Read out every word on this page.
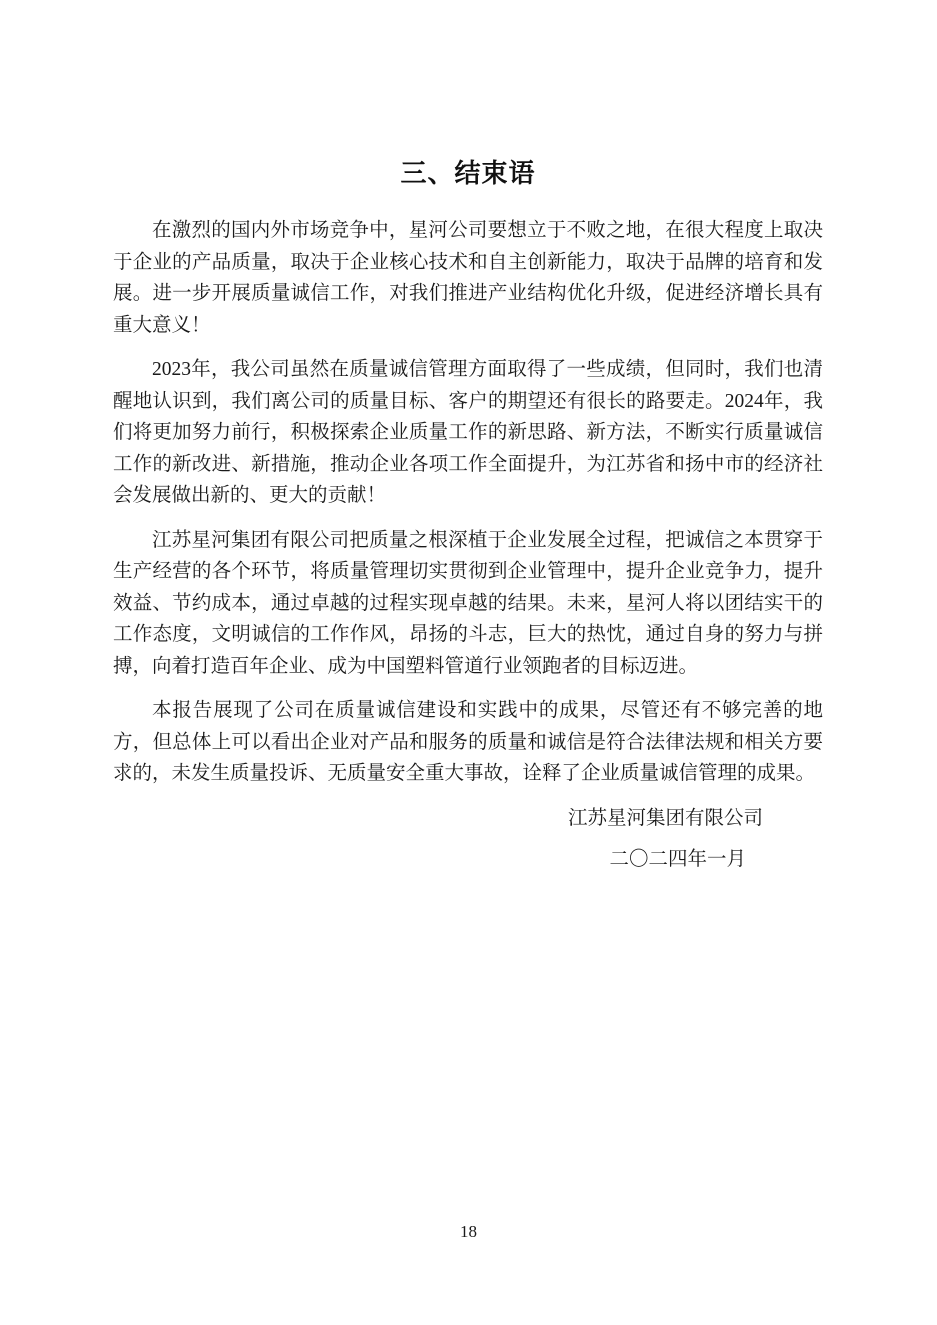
三、结束语

在激烈的国内外市场竞争中，星河公司要想立于不败之地，在很大程度上取决于企业的产品质量，取决于企业核心技术和自主创新能力，取决于品牌的培育和发展。进一步开展质量诚信工作，对我们推进产业结构优化升级，促进经济增长具有重大意义！

2023年，我公司虽然在质量诚信管理方面取得了一些成绩，但同时，我们也清醒地认识到，我们离公司的质量目标、客户的期望还有很长的路要走。2024年，我们将更加努力前行，积极探索企业质量工作的新思路、新方法，不断实行质量诚信工作的新改进、新措施，推动企业各项工作全面提升，为江苏省和扬中市的经济社会发展做出新的、更大的贡献！

江苏星河集团有限公司把质量之根深植于企业发展全过程，把诚信之本贯穿于生产经营的各个环节，将质量管理切实贯彻到企业管理中，提升企业竞争力，提升效益、节约成本，通过卓越的过程实现卓越的结果。未来，星河人将以团结实干的工作态度，文明诚信的工作作风，昂扬的斗志，巨大的热忱，通过自身的努力与拼搏，向着打造百年企业、成为中国塑料管道行业领跑者的目标迈进。

本报告展现了公司在质量诚信建设和实践中的成果，尽管还有不够完善的地方，但总体上可以看出企业对产品和服务的质量和诚信是符合法律法规和相关方要求的，未发生质量投诉、无质量安全重大事故，诠释了企业质量诚信管理的成果。

江苏星河集团有限公司
二〇二四年一月
18
